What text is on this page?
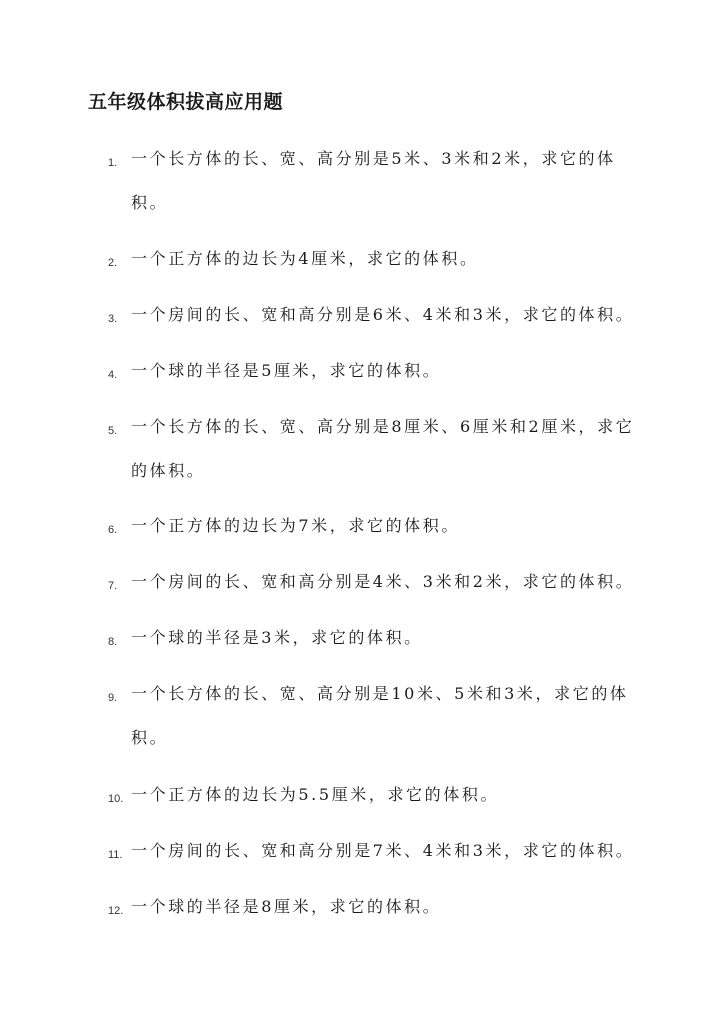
五年级体积拔高应用题
1. 一个长方体的长、宽、高分别是5米、3米和2米，求它的体积。
2. 一个正方体的边长为4厘米，求它的体积。
3. 一个房间的长、宽和高分别是6米、4米和3米，求它的体积。
4. 一个球的半径是5厘米，求它的体积。
5. 一个长方体的长、宽、高分别是8厘米、6厘米和2厘米，求它的体积。
6. 一个正方体的边长为7米，求它的体积。
7. 一个房间的长、宽和高分别是4米、3米和2米，求它的体积。
8. 一个球的半径是3米，求它的体积。
9. 一个长方体的长、宽、高分别是10米、5米和3米，求它的体积。
10. 一个正方体的边长为5.5厘米，求它的体积。
11. 一个房间的长、宽和高分别是7米、4米和3米，求它的体积。
12. 一个球的半径是8厘米，求它的体积。
